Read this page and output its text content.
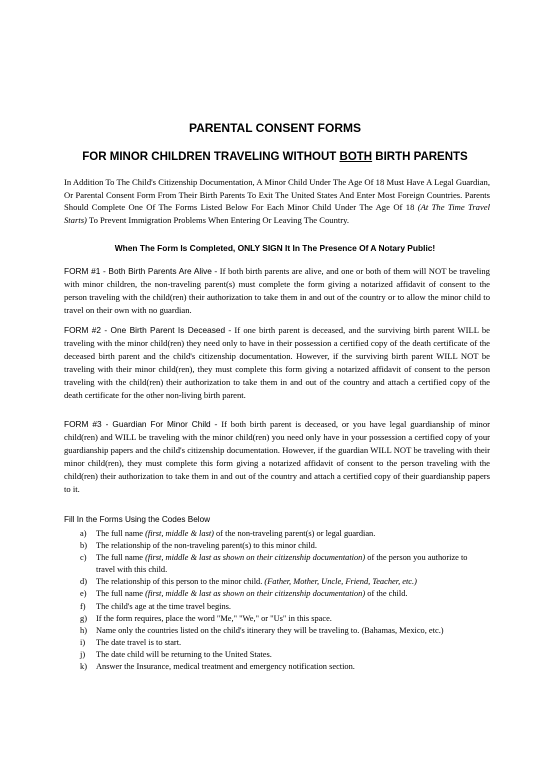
PARENTAL CONSENT FORMS
FOR MINOR CHILDREN TRAVELING WITHOUT BOTH BIRTH PARENTS
In Addition To The Child's Citizenship Documentation, A Minor Child Under The Age Of 18 Must Have A Legal Guardian, Or Parental Consent Form From Their Birth Parents To Exit The United States And Enter Most Foreign Countries. Parents Should Complete One Of The Forms Listed Below For Each Minor Child Under The Age Of 18 (At The Time Travel Starts) To Prevent Immigration Problems When Entering Or Leaving The Country.
When The Form Is Completed, ONLY SIGN It In The Presence Of A Notary Public!
FORM #1 - Both Birth Parents Are Alive - If both birth parents are alive, and one or both of them will NOT be traveling with minor children, the non-traveling parent(s) must complete the form giving a notarized affidavit of consent to the person traveling with the child(ren) their authorization to take them in and out of the country or to allow the minor child to travel on their own with no guardian.
FORM #2 - One Birth Parent Is Deceased - If one birth parent is deceased, and the surviving birth parent WILL be traveling with the minor child(ren) they need only to have in their possession a certified copy of the death certificate of the deceased birth parent and the child's citizenship documentation. However, if the surviving birth parent WILL NOT be traveling with their minor child(ren), they must complete this form giving a notarized affidavit of consent to the person traveling with the child(ren) their authorization to take them in and out of the country and attach a certified copy of the death certificate for the other non-living birth parent.
FORM #3 - Guardian For Minor Child - If both birth parent is deceased, or you have legal guardianship of minor child(ren) and WILL be traveling with the minor child(ren) you need only have in your possession a certified copy of your guardianship papers and the child's citizenship documentation. However, if the guardian WILL NOT be traveling with their minor child(ren), they must complete this form giving a notarized affidavit of consent to the person traveling with the child(ren) their authorization to take them in and out of the country and attach a certified copy of their guardianship papers to it.
Fill In the Forms Using the Codes Below
a) The full name (first, middle & last) of the non-traveling parent(s) or legal guardian.
b) The relationship of the non-traveling parent(s) to this minor child.
c) The full name (first, middle & last as shown on their citizenship documentation) of the person you authorize to travel with this child.
d) The relationship of this person to the minor child. (Father, Mother, Uncle, Friend, Teacher, etc.)
e) The full name (first, middle & last as shown on their citizenship documentation) of the child.
f) The child's age at the time travel begins.
g) If the form requires, place the word "Me," "We," or "Us" in this space.
h) Name only the countries listed on the child's itinerary they will be traveling to. (Bahamas, Mexico, etc.)
i) The date travel is to start.
j) The date child will be returning to the United States.
k) Answer the Insurance, medical treatment and emergency notification section.
